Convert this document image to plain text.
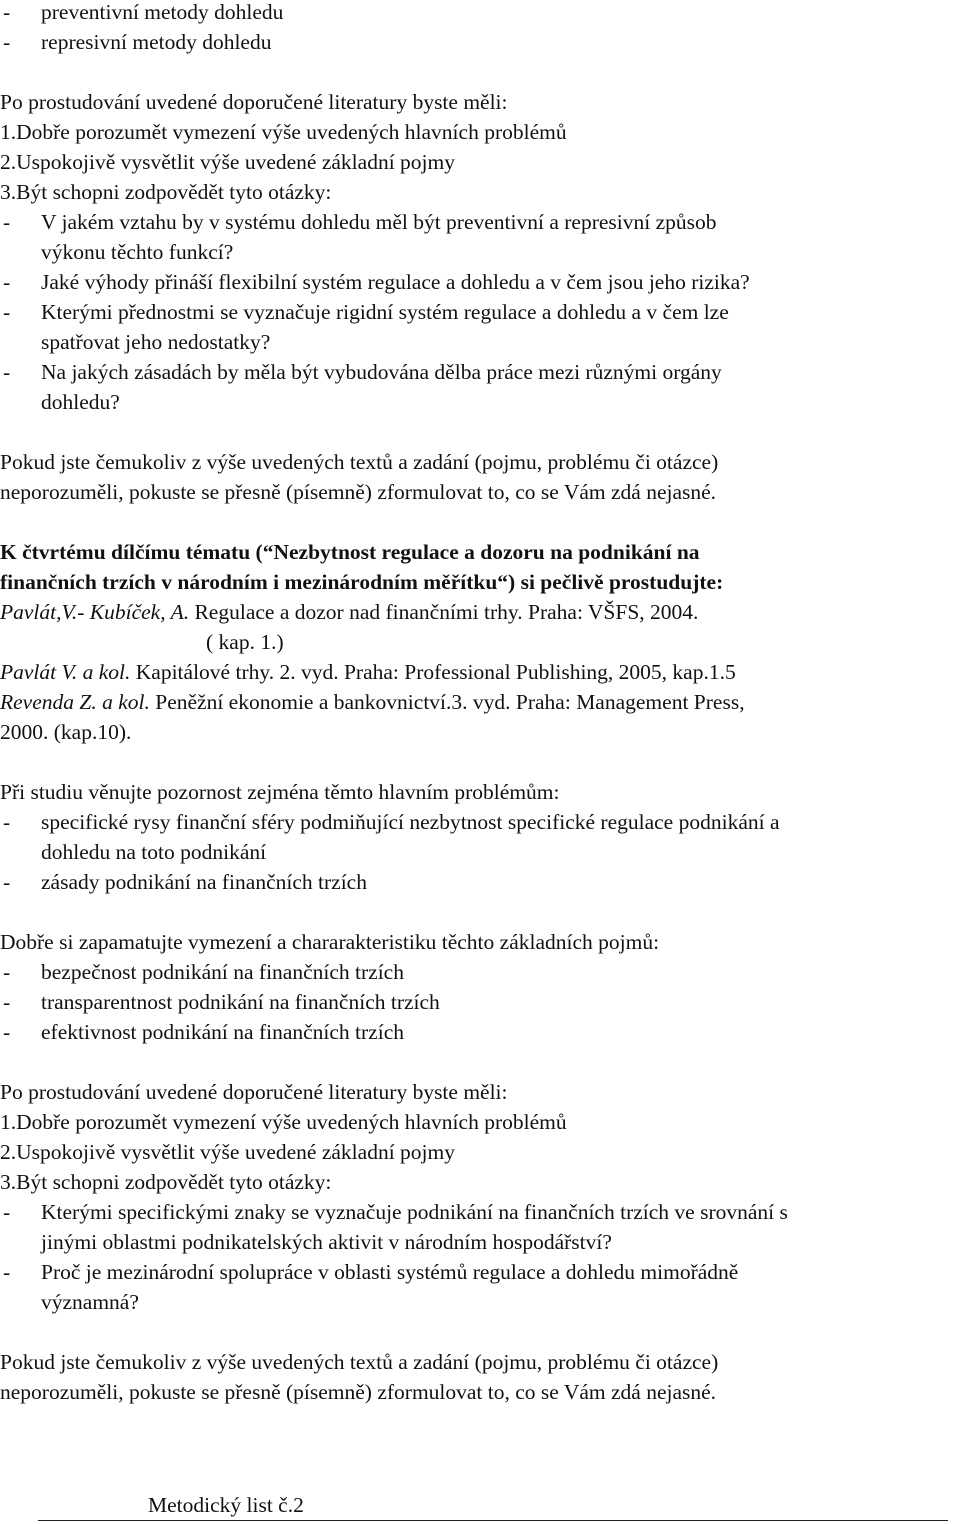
- preventivní metody dohledu
- represivní metody dohledu
Po prostudování uvedené doporučené literatury byste měli:
1.Dobře porozumět vymezení výše uvedených hlavních problémů
2.Uspokojivě vysvětlit výše uvedené základní pojmy
3.Být schopni zodpovědět tyto otázky:
- V jakém vztahu by v systému dohledu měl být preventivní a represivní způsob
výkonu těchto funkcí?
- Jaké výhody přináší flexibilní systém regulace a dohledu a v čem jsou jeho rizika?
- Kterými přednostmi se vyznačuje rigidní systém regulace a dohledu a v čem lze
spatřovat jeho nedostatky?
- Na jakých zásadách by měla být vybudována dělba práce mezi různými orgány
dohledu?
Pokud jste čemukoliv z výše uvedených textů a zadání (pojmu, problému či otázce)
neporozuměli, pokuste se přesně (písemně) zformulovat to, co se Vám zdá nejasné.
K čtvrtému dílčímu tématu (“Nezbytnost regulace a dozoru na podnikání na
finančních trzích v národním i mezinárodním měřítku“) si pečlivě prostudujte:
Pavlát,V.- Kubíček, A. Regulace a dozor nad finančními trhy. Praha: VŠFS, 2004.
( kap. 1.)
Pavlát V. a kol. Kapitálové trhy. 2. vyd. Praha: Professional Publishing, 2005, kap.1.5
Revenda Z. a kol. Peněžní ekonomie a bankovnictví.3. vyd. Praha: Management Press,
2000. (kap.10).
Při studiu věnujte pozornost zejména těmto hlavním problémům:
- specifické rysy finanční sféry podmiňující nezbytnost specifické regulace podnikání a
dohledu na toto podnikání
- zásady podnikání na finančních trzích
Dobře si zapamatujte vymezení a chararakteristiku těchto základních pojmů:
- bezpečnost podnikání na finančních trzích
- transparentnost podnikání na finančních trzích
- efektivnost podnikání na finančních trzích
Po prostudování uvedené doporučené literatury byste měli:
1.Dobře porozumět vymezení výše uvedených hlavních problémů
2.Uspokojivě vysvětlit výše uvedené základní pojmy
3.Být schopni zodpovědět tyto otázky:
- Kterými specifickými znaky se vyznačuje podnikání na finančních trzích ve srovnání s
jinými oblastmi podnikatelských aktivit v národním hospodářství?
- Proč je mezinárodní spolupráce v oblasti systémů regulace a dohledu mimořádně
významná?
Pokud jste čemukoliv z výše uvedených textů a zadání (pojmu, problému či otázce)
neporozuměli, pokuste se přesně (písemně) zformulovat to, co se Vám zdá nejasné.
Metodický list č.2
